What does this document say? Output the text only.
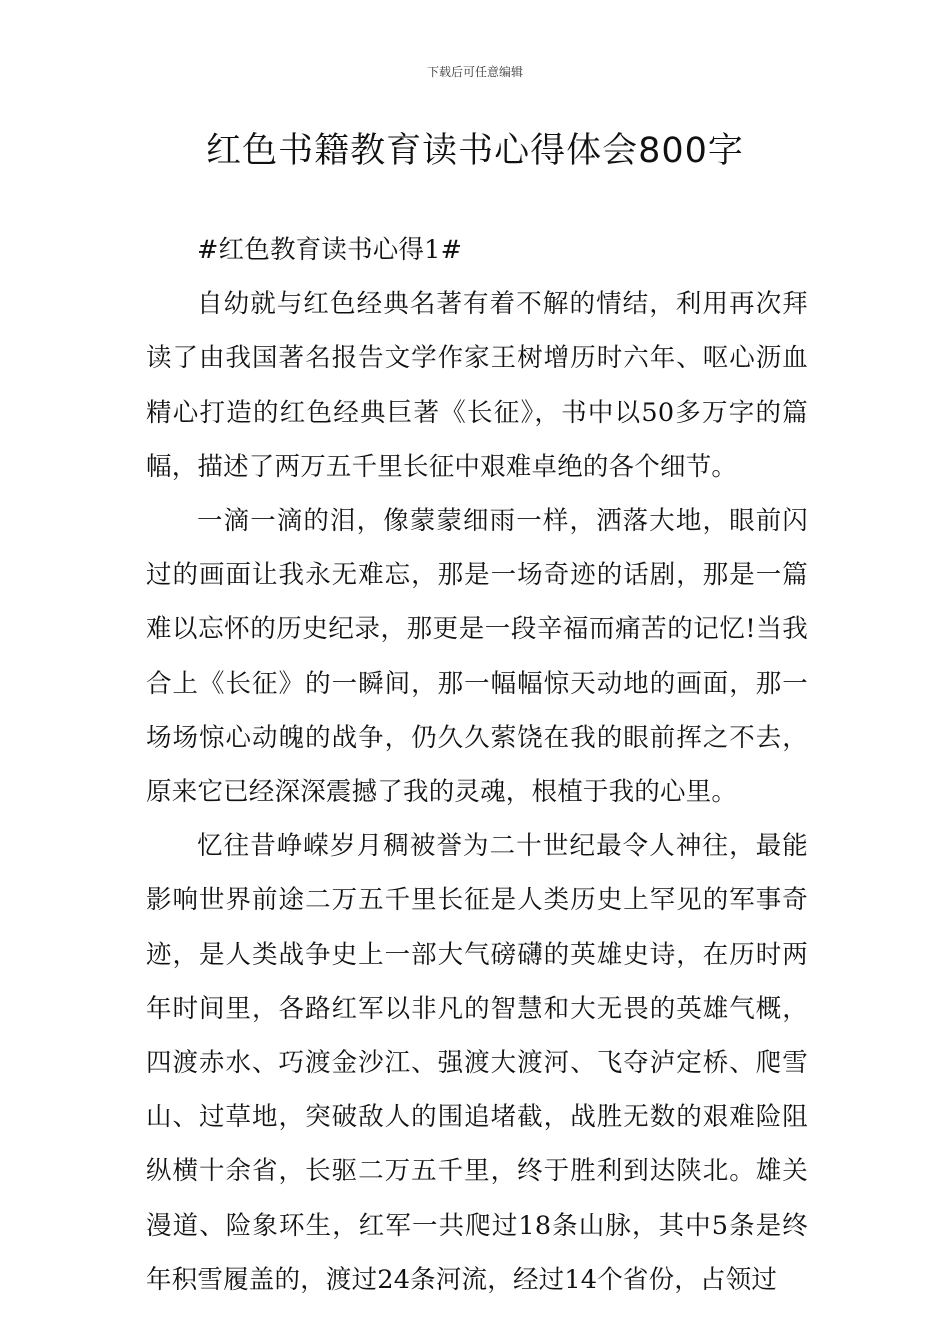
下载后可任意编辑
红色书籍教育读书心得体会800字

#红色教育读书心得1#

自幼就与红色经典名著有着不解的情结，利用再次拜读了由我国著名报告文学作家王树增历时六年、呕心沥血精心打造的红色经典巨著《长征》，书中以50多万字的篇幅，描述了两万五千里长征中艰难卓绝的各个细节。

一滴一滴的泪，像蒙蒙细雨一样，洒落大地，眼前闪过的画面让我永无难忘，那是一场奇迹的话剧，那是一篇难以忘怀的历史纪录，那更是一段辛福而痛苦的记忆!当我合上《长征》的一瞬间，那一幅幅惊天动地的画面，那一场场惊心动魄的战争，仍久久萦饶在我的眼前挥之不去，原来它已经深深震撼了我的灵魂，根植于我的心里。

忆往昔峥嵘岁月稠被誉为二十世纪最令人神往，最能影响世界前途二万五千里长征是人类历史上罕见的军事奇迹，是人类战争史上一部大气磅礴的英雄史诗，在历时两年时间里，各路红军以非凡的智慧和大无畏的英雄气概，四渡赤水、巧渡金沙江、强渡大渡河、飞夺泸定桥、爬雪山、过草地，突破敌人的围追堵截，战胜无数的艰难险阻纵横十余省，长驱二万五千里，终于胜利到达陕北。雄关漫道、险象环生，红军一共爬过18条山脉，其中5条是终年积雪履盖的，渡过24条河流，经过14个省份，占领过
